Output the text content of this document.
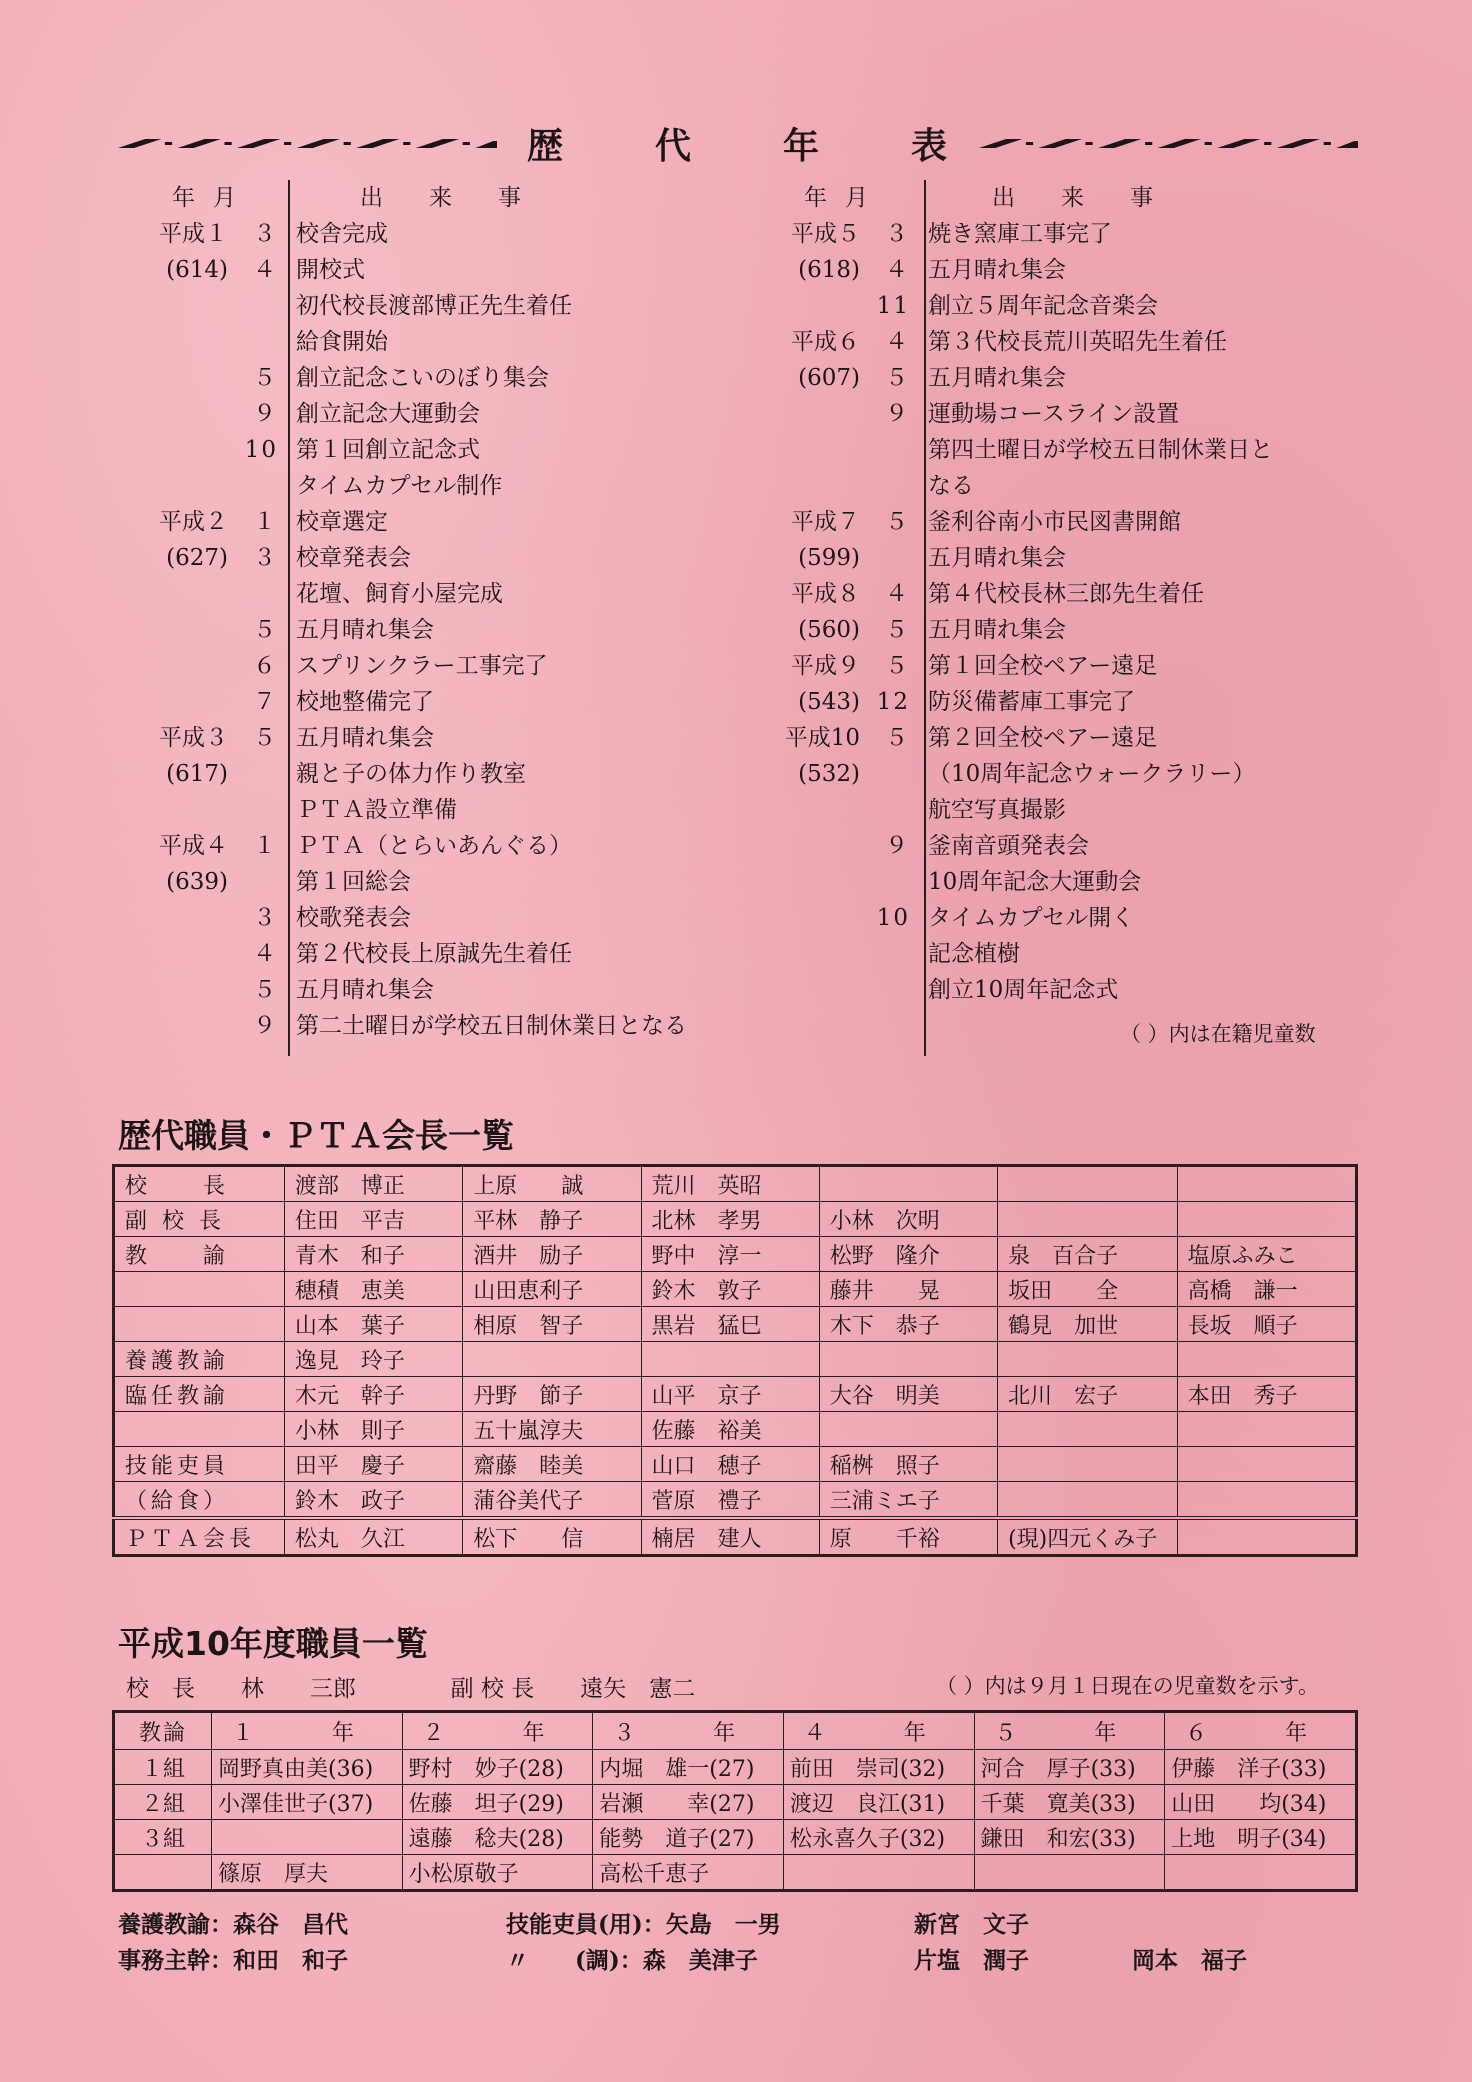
歴　代　年　表
年月	出来事
平成１	３ 校舎完成
(614)	４ 開校式
初代校長渡部博正先生着任
給食開始
５ 創立記念こいのぼり集会
９ 創立記念大運動会
10 第１回創立記念式
タイムカプセル制作
平成２	１ 校章選定
(627)	３ 校章発表会
花壇、飼育小屋完成
５ 五月晴れ集会
６ スプリンクラー工事完了
７ 校地整備完了
平成３	５ 五月晴れ集会
(617)	親と子の体力作り教室
ＰＴＡ設立準備
平成４	１ ＰＴＡ（とらいあんぐる）
(639)	第１回総会
３ 校歌発表会
４ 第２代校長上原誠先生着任
５ 五月晴れ集会
９ 第二土曜日が学校五日制休業日となる
年月	出来事
平成５	３ 焼き窯庫工事完了
(618)	４ 五月晴れ集会
11 創立５周年記念音楽会
平成６	４ 第３代校長荒川英昭先生着任
(607)	５ 五月晴れ集会
９ 運動場コースライン設置
第四土曜日が学校五日制休業日と
なる
平成７	５ 釜利谷南小市民図書開館
(599)	五月晴れ集会
平成８	４ 第４代校長林三郎先生着任
(560)	５ 五月晴れ集会
平成９	５ 第１回全校ペアー遠足
(543) 12 防災備蓄庫工事完了
平成10	５ 第２回全校ペアー遠足
(532)	（10周年記念ウォークラリー）
航空写真撮影
９ 釜南音頭発表会
10周年記念大運動会
10 タイムカプセル開く
記念植樹
創立10周年記念式
（ ）内は在籍児童数
歴代職員・ＰＴＡ会長一覧
校　　長	渡部　博正	上原　　誠	荒川　英昭			
副 校 長	住田　平吉	平林　静子	北林　孝男	小林　次明		
教　　諭	青木　和子	酒井　励子	野中　淳一	松野　隆介	泉　百合子	塩原ふみこ
	穂積　恵美	山田恵利子	鈴木　敦子	藤井　　晃	坂田　　全	高橋　謙一
	山本　葉子	相原　智子	黒岩　猛巳	木下　恭子	鶴見　加世	長坂　順子
養護教諭	逸見　玲子					
臨任教諭	木元　幹子	丹野　節子	山平　京子	大谷　明美	北川　宏子	本田　秀子
	小林　則子	五十嵐淳夫	佐藤　裕美			
技能吏員	田平　慶子	齋藤　睦美	山口　穂子	稲桝　照子		
（給食）	鈴木　政子	蒲谷美代子	菅原　禮子	三浦ミエ子		
ＰＴＡ会長	松丸　久江	松下　　信	楠居　建人	原　　千裕	(現)四元くみ子	
平成10年度職員一覧
校　長　　林　　三郎	副 校 長　　遠矢　憲二	（ ）内は９月１日現在の児童数を示す。
教論	１　年	２　年	３　年	４　年	５　年	６　年
１組	岡野真由美(36)	野村　妙子(28)	内堀　雄一(27)	前田　崇司(32)	河合　厚子(33)	伊藤　洋子(33)
２組	小澤佳世子(37)	佐藤　坦子(29)	岩瀬　　幸(27)	渡辺　良江(31)	千葉　寛美(33)	山田　　均(34)
３組		遠藤　稔夫(28)	能勢　道子(27)	松永喜久子(32)	鎌田　和宏(33)	上地　明子(34)
	篠原　厚夫	小松原敬子	高松千恵子			
養護教諭：森谷　昌代	技能吏員(用)：矢島　一男	新宮　文子
事務主幹：和田　和子	〃　　(調)：森　美津子	片塩　潤子	岡本　福子
